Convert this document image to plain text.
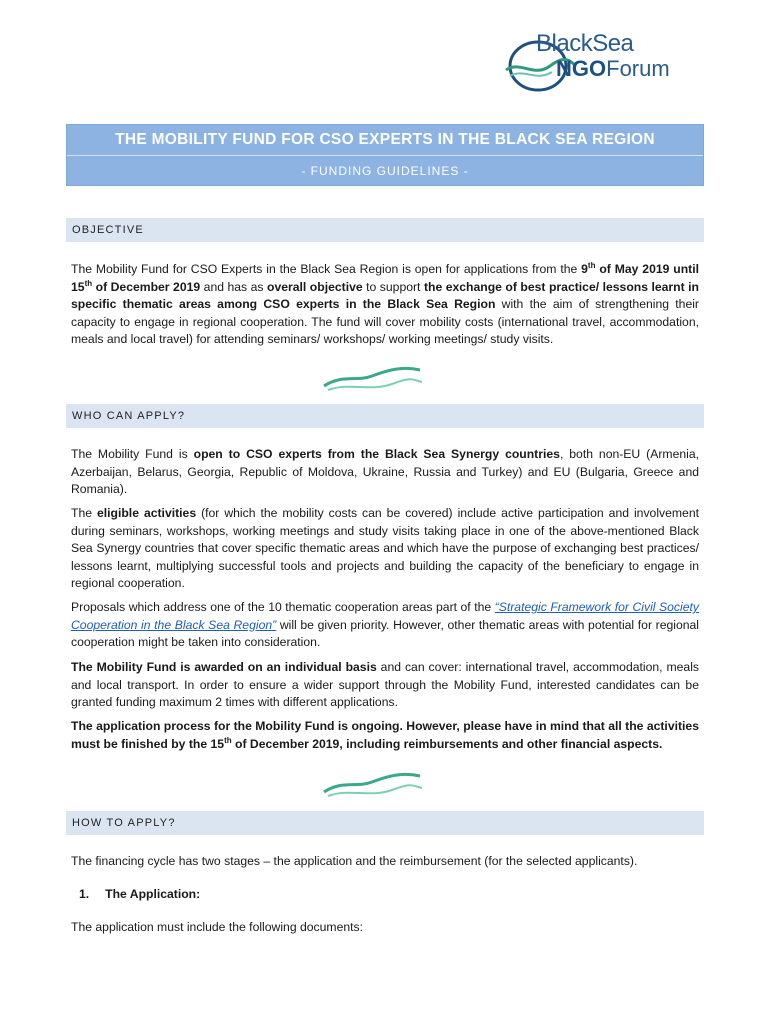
BlackSea
NGOForum
THE MOBILITY FUND FOR CSO EXPERTS IN THE BLACK SEA REGION
- FUNDING GUIDELINES -
OBJECTIVE
The Mobility Fund for CSO Experts in the Black Sea Region is open for applications from the 9th of May 2019 until 15th of December 2019 and has as overall objective to support the exchange of best practice/ lessons learnt in specific thematic areas among CSO experts in the Black Sea Region with the aim of strengthening their capacity to engage in regional cooperation. The fund will cover mobility costs (international travel, accommodation, meals and local travel) for attending seminars/ workshops/ working meetings/ study visits.
WHO CAN APPLY?
The Mobility Fund is open to CSO experts from the Black Sea Synergy countries, both non-EU (Armenia, Azerbaijan, Belarus, Georgia, Republic of Moldova, Ukraine, Russia and Turkey) and EU (Bulgaria, Greece and Romania).
The eligible activities (for which the mobility costs can be covered) include active participation and involvement during seminars, workshops, working meetings and study visits taking place in one of the above-mentioned Black Sea Synergy countries that cover specific thematic areas and which have the purpose of exchanging best practices/ lessons learnt, multiplying successful tools and projects and building the capacity of the beneficiary to engage in regional cooperation.
Proposals which address one of the 10 thematic cooperation areas part of the “Strategic Framework for Civil Society Cooperation in the Black Sea Region” will be given priority. However, other thematic areas with potential for regional cooperation might be taken into consideration.
The Mobility Fund is awarded on an individual basis and can cover: international travel, accommodation, meals and local transport. In order to ensure a wider support through the Mobility Fund, interested candidates can be granted funding maximum 2 times with different applications.
The application process for the Mobility Fund is ongoing. However, please have in mind that all the activities must be finished by the 15th of December 2019, including reimbursements and other financial aspects.
HOW TO APPLY?
The financing cycle has two stages – the application and the reimbursement (for the selected applicants).
1. The Application:
The application must include the following documents:
